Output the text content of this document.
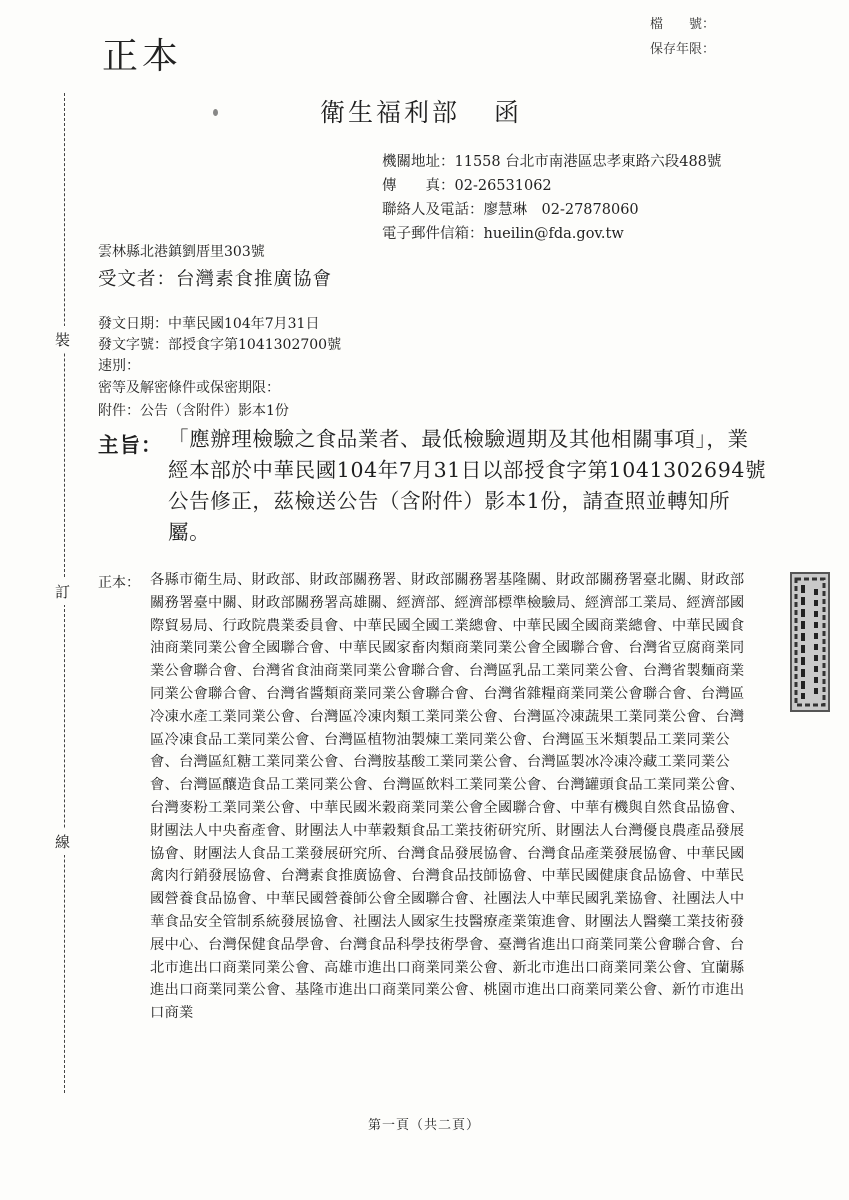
正本
檔　　號：
保存年限：
裝
訂
線
衛生福利部 函
機關地址：11558 台北市南港區忠孝東路六段488號
傳　　真：02-26531062
聯絡人及電話：廖慧琳　02-27878060
電子郵件信箱：hueilin@fda.gov.tw
雲林縣北港鎮劉厝里303號
受文者：台灣素食推廣協會
發文日期：中華民國104年7月31日
發文字號：部授食字第1041302700號
速別：
密等及解密條件或保密期限：
附件：公告（含附件）影本1份
主旨： 「應辦理檢驗之食品業者、最低檢驗週期及其他相關事項」，業經本部於中華民國104年7月31日以部授食字第1041302694號公告修正，茲檢送公告（含附件）影本1份，請查照並轉知所屬。
正本： 各縣市衛生局、財政部、財政部關務署、財政部關務署基隆關、財政部關務署臺北關、財政部關務署臺中關、財政部關務署高雄關、經濟部、經濟部標準檢驗局、經濟部工業局、經濟部國際貿易局、行政院農業委員會、中華民國全國工業總會、中華民國全國商業總會、中華民國食油商業同業公會全國聯合會、中華民國家畜肉類商業同業公會全國聯合會、台灣省豆腐商業同業公會聯合會、台灣省食油商業同業公會聯合會、台灣區乳品工業同業公會、台灣省製麵商業同業公會聯合會、台灣省醬類商業同業公會聯合會、台灣省雜糧商業同業公會聯合會、台灣區冷凍水產工業同業公會、台灣區冷凍肉類工業同業公會、台灣區冷凍蔬果工業同業公會、台灣區冷凍食品工業同業公會、台灣區植物油製煉工業同業公會、台灣區玉米類製品工業同業公會、台灣區紅糖工業同業公會、台灣胺基酸工業同業公會、台灣區製冰冷凍冷藏工業同業公會、台灣區釀造食品工業同業公會、台灣區飲料工業同業公會、台灣罐頭食品工業同業公會、台灣麥粉工業同業公會、中華民國米穀商業同業公會全國聯合會、中華有機與自然食品協會、財團法人中央畜產會、財團法人中華穀類食品工業技術研究所、財團法人台灣優良農產品發展協會、財團法人食品工業發展研究所、台灣食品發展協會、台灣食品產業發展協會、中華民國禽肉行銷發展協會、台灣素食推廣協會、台灣食品技師協會、中華民國健康食品協會、中華民國營養食品協會、中華民國營養師公會全國聯合會、社團法人中華民國乳業協會、社團法人中華食品安全管制系統發展協會、社團法人國家生技醫療產業策進會、財團法人醫藥工業技術發展中心、台灣保健食品學會、台灣食品科學技術學會、臺灣省進出口商業同業公會聯合會、台北市進出口商業同業公會、高雄市進出口商業同業公會、新北市進出口商業同業公會、宜蘭縣進出口商業同業公會、基隆市進出口商業同業公會、桃園市進出口商業同業公會、新竹市進出口商業
第一頁（共二頁）
